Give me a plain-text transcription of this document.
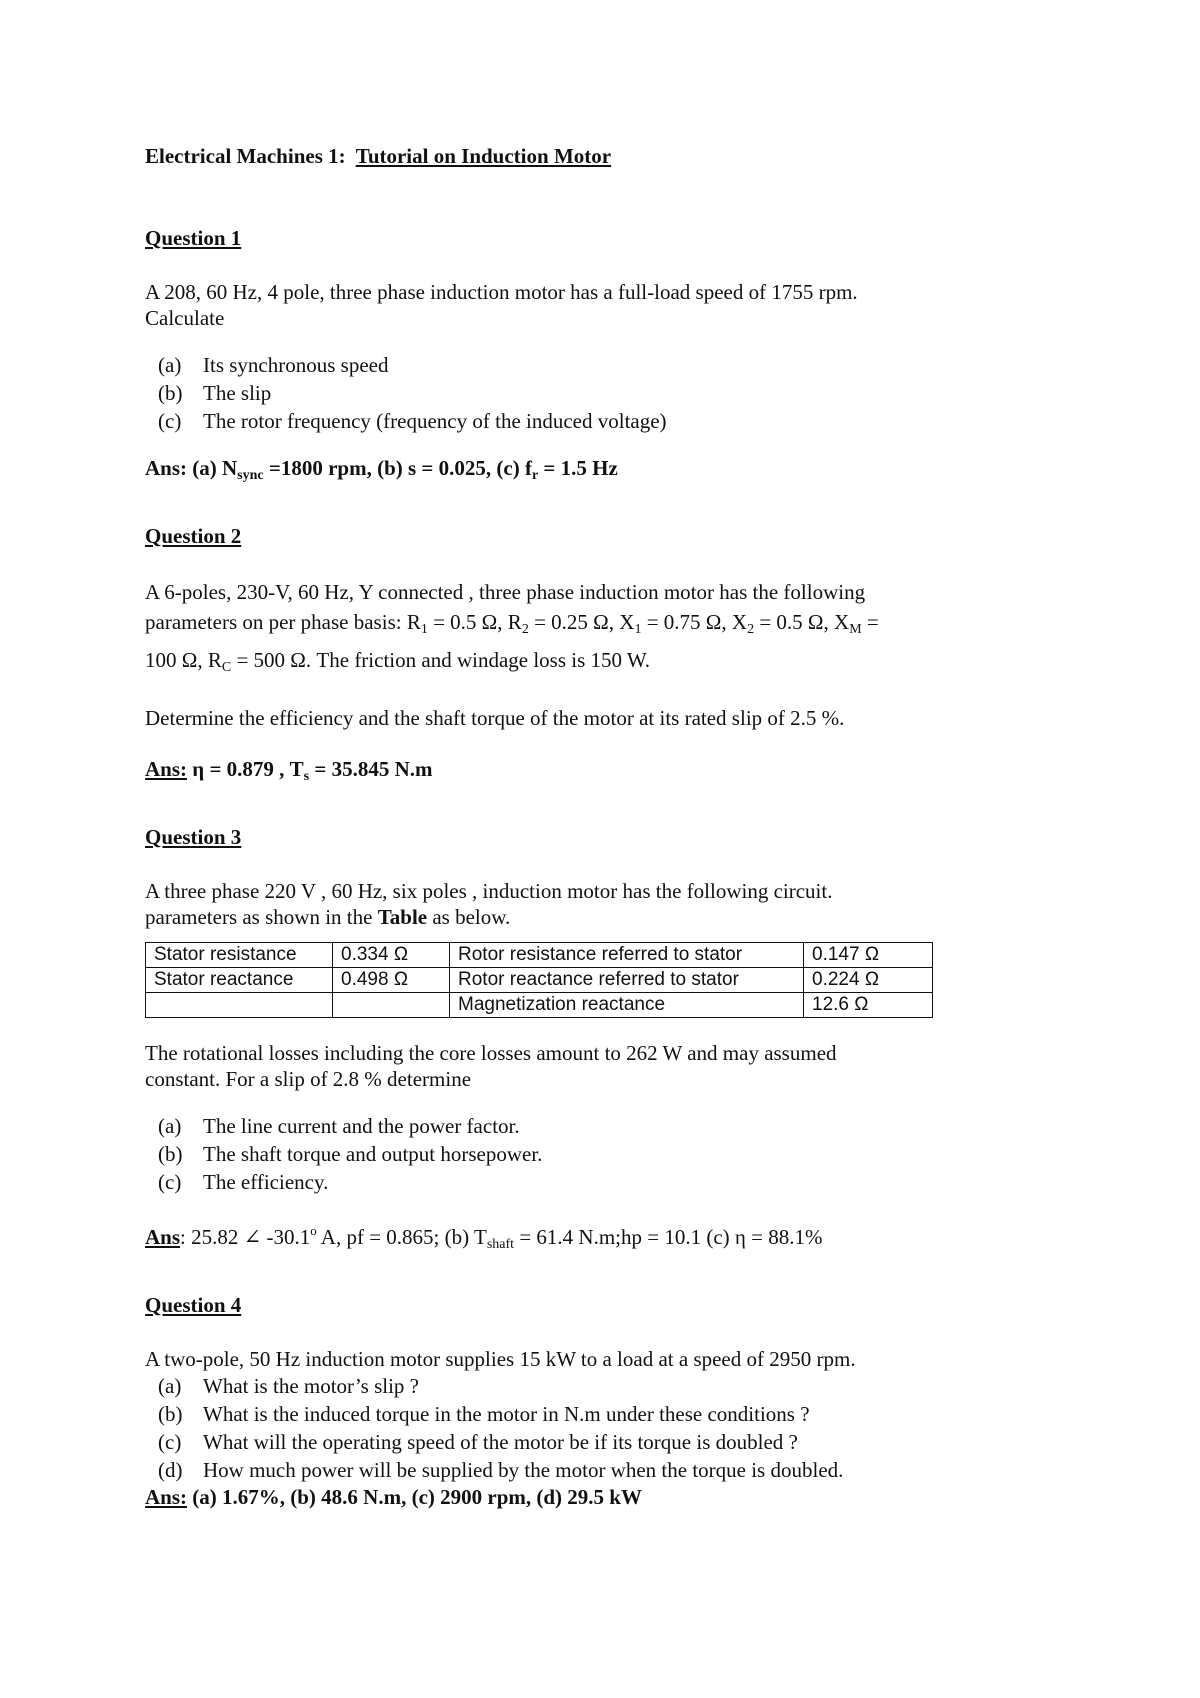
Electrical Machines 1: Tutorial on Induction Motor
Question 1
A 208, 60 Hz, 4 pole, three phase induction motor has a full-load speed of 1755 rpm.
Calculate
(a) Its synchronous speed
(b) The slip
(c) The rotor frequency (frequency of the induced voltage)
Ans: (a) $N_{sync} =1800$ rpm, (b) s = 0.025, (c) $f_r = 1.5$ Hz
Question 2
A 6-poles, 230-V, 60 Hz, Y connected , three phase induction motor has the following
parameters on per phase basis: $R_1 = 0.5$ Ω, $R_2 = 0.25$ Ω, $X_1 = 0.75$ Ω, $X_2 = 0.5$ Ω, $X_M$ =
100 Ω, $R_C = 500$ Ω. The friction and windage loss is 150 W.
Determine the efficiency and the shaft torque of the motor at its rated slip of 2.5 %.
Ans: η = 0.879 , $T_s = 35.845$ N.m
Question 3
A three phase 220 V , 60 Hz, six poles , induction motor has the following circuit.
parameters as shown in the Table as below.
Stator resistance	0.334 Ω	Rotor resistance referred to stator	0.147 Ω
Stator reactance	0.498 Ω	Rotor reactance referred to stator	0.224 Ω
		Magnetization reactance	12.6 Ω
The rotational losses including the core losses amount to 262 W and may assumed
constant. For a slip of 2.8 % determine
(a) The line current and the power factor.
(b) The shaft torque and output horsepower.
(c) The efficiency.
Ans: 25.82 ∠ -30.1$^o$ A, pf = 0.865; (b) $T_{shaft} = 61.4$ N.m;hp = 10.1 (c) η = 88.1%
Question 4
A two-pole, 50 Hz induction motor supplies 15 kW to a load at a speed of 2950 rpm.
(a) What is the motor’s slip ?
(b) What is the induced torque in the motor in N.m under these conditions ?
(c) What will the operating speed of the motor be if its torque is doubled ?
(d) How much power will be supplied by the motor when the torque is doubled.
Ans: (a) 1.67%, (b) 48.6 N.m, (c) 2900 rpm, (d) 29.5 kW
